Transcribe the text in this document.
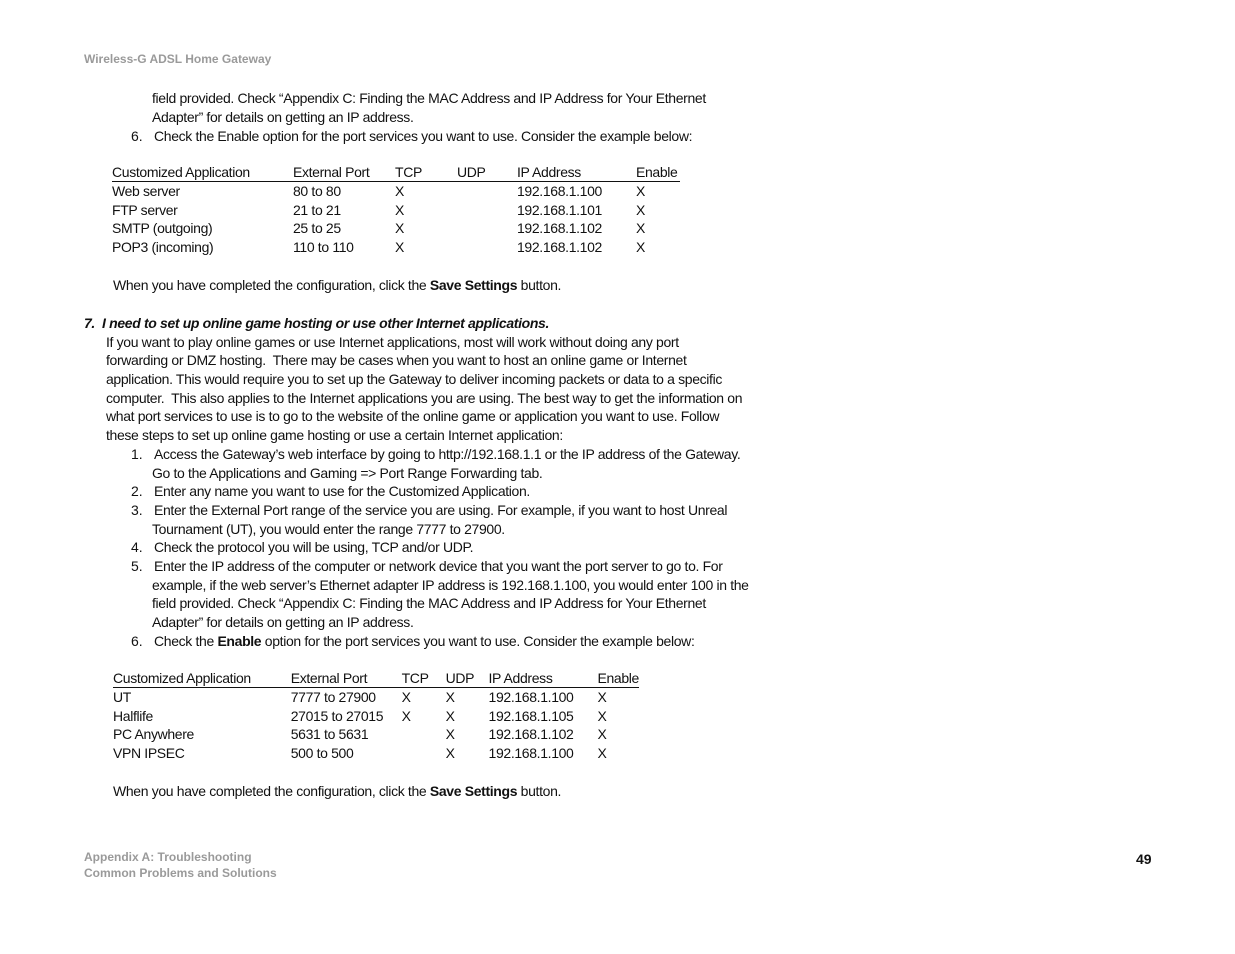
Wireless-G ADSL Home Gateway
field provided. Check “Appendix C: Finding the MAC Address and IP Address for Your Ethernet
Adapter” for details on getting an IP address.
6. Check the Enable option for the port services you want to use. Consider the example below:
Customized Application	External Port	TCP	UDP	IP Address	Enable
Web server	80 to 80	X		192.168.1.100	X
FTP server	21 to 21	X		192.168.1.101	X
SMTP (outgoing)	25 to 25	X		192.168.1.102	X
POP3 (incoming)	110 to 110	X		192.168.1.102	X
When you have completed the configuration, click the Save Settings button.
7.  I need to set up online game hosting or use other Internet applications.
If you want to play online games or use Internet applications, most will work without doing any port
forwarding or DMZ hosting.  There may be cases when you want to host an online game or Internet
application. This would require you to set up the Gateway to deliver incoming packets or data to a specific
computer.  This also applies to the Internet applications you are using. The best way to get the information on
what port services to use is to go to the website of the online game or application you want to use. Follow
these steps to set up online game hosting or use a certain Internet application:
1. Access the Gateway’s web interface by going to http://192.168.1.1 or the IP address of the Gateway.
Go to the Applications and Gaming => Port Range Forwarding tab.
2. Enter any name you want to use for the Customized Application.
3. Enter the External Port range of the service you are using. For example, if you want to host Unreal
Tournament (UT), you would enter the range 7777 to 27900.
4. Check the protocol you will be using, TCP and/or UDP.
5. Enter the IP address of the computer or network device that you want the port server to go to. For
example, if the web server’s Ethernet adapter IP address is 192.168.1.100, you would enter 100 in the
field provided. Check “Appendix C: Finding the MAC Address and IP Address for Your Ethernet
Adapter” for details on getting an IP address.
6. Check the Enable option for the port services you want to use. Consider the example below:
Customized Application	External Port	TCP	UDP	IP Address	Enable
UT	7777 to 27900	X	X	192.168.1.100	X
Halflife	27015 to 27015	X	X	192.168.1.105	X
PC Anywhere	5631 to 5631		X	192.168.1.102	X
VPN IPSEC	500 to 500		X	192.168.1.100	X
When you have completed the configuration, click the Save Settings button.
Appendix A: Troubleshooting
Common Problems and Solutions
49
